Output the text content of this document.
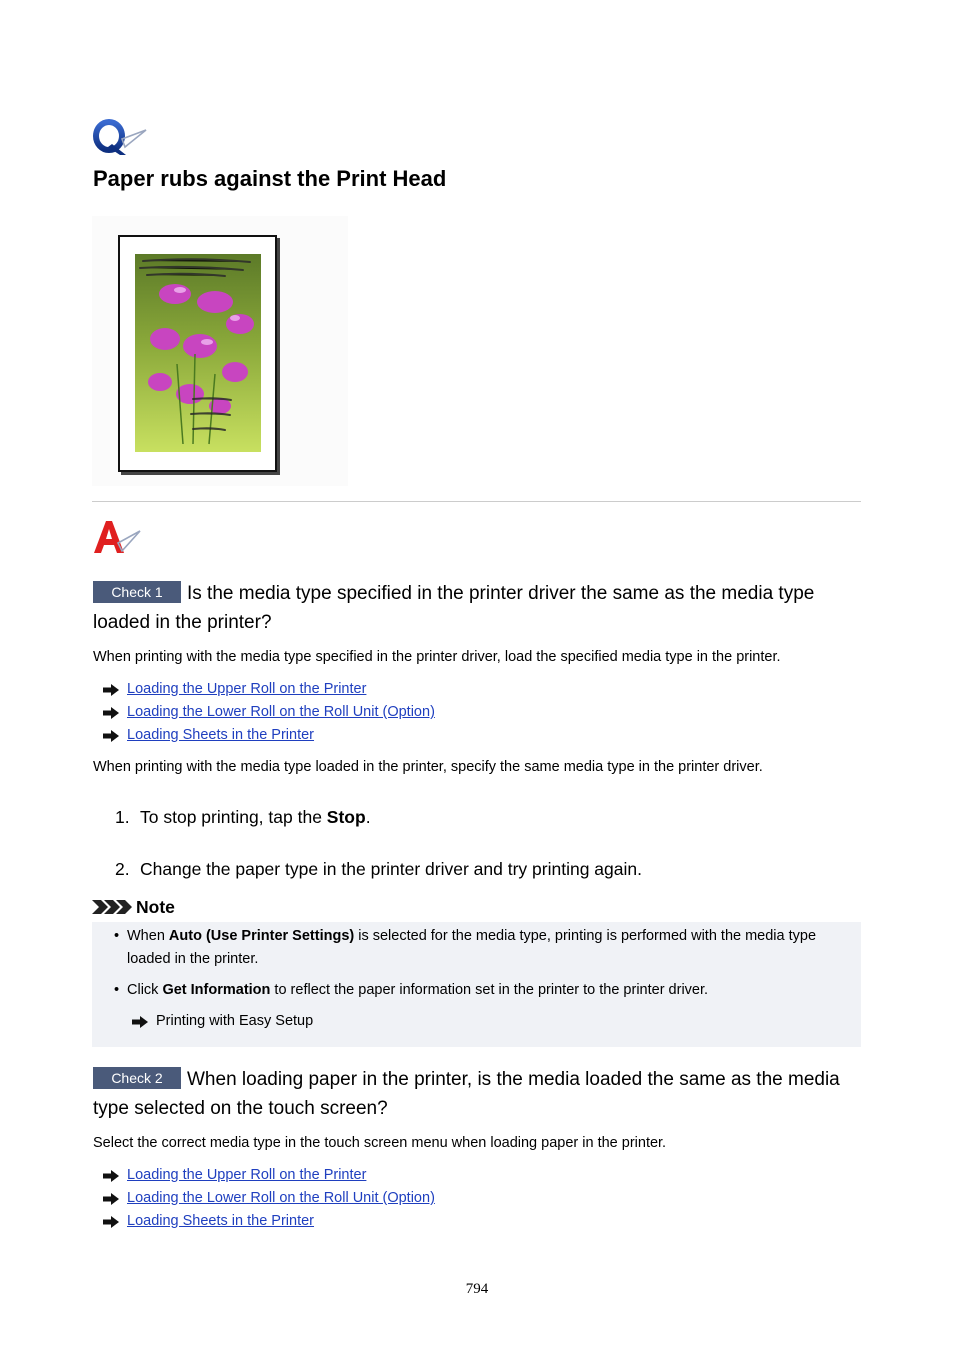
Paper rubs against the Print Head
Check 1 Is the media type specified in the printer driver the same as the media type loaded in the printer?
When printing with the media type specified in the printer driver, load the specified media type in the printer.
Loading the Upper Roll on the Printer
Loading the Lower Roll on the Roll Unit (Option)
Loading Sheets in the Printer
When printing with the media type loaded in the printer, specify the same media type in the printer driver.
1. To stop printing, tap the Stop.
2. Change the paper type in the printer driver and try printing again.
Note
• When Auto (Use Printer Settings) is selected for the media type, printing is performed with the media type loaded in the printer.
• Click Get Information to reflect the paper information set in the printer to the printer driver.
Printing with Easy Setup
Check 2 When loading paper in the printer, is the media loaded the same as the media type selected on the touch screen?
Select the correct media type in the touch screen menu when loading paper in the printer.
Loading the Upper Roll on the Printer
Loading the Lower Roll on the Roll Unit (Option)
Loading Sheets in the Printer
794
